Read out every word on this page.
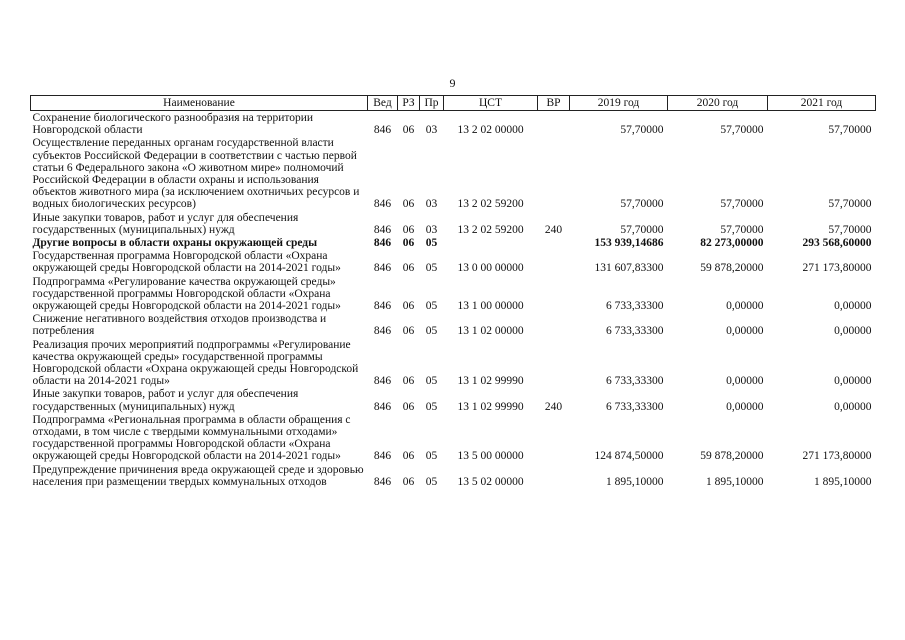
9
Наименование	Вед	РЗ	Пр	ЦСТ	ВР	2019 год	2020 год	2021 год
Сохранение биологического разнообразия на территории Новгородской области	846	06	03	13 2 02 00000		57,70000	57,70000	57,70000
Осуществление переданных органам государственной власти субъектов Российской Федерации в соответствии с частью первой статьи 6 Федерального закона «О животном мире» полномочий Российской Федерации в области охраны и использования объектов животного мира (за исключением охотничьих ресурсов и водных биологических ресурсов)	846	06	03	13 2 02 59200		57,70000	57,70000	57,70000
Иные закупки товаров, работ и услуг для обеспечения государственных (муниципальных) нужд	846	06	03	13 2 02 59200	240	57,70000	57,70000	57,70000
Другие вопросы в области охраны окружающей среды	846	06	05			153 939,14686	82 273,00000	293 568,60000
Государственная программа Новгородской области «Охрана окружающей среды Новгородской области на 2014-2021 годы»	846	06	05	13 0 00 00000		131 607,83300	59 878,20000	271 173,80000
Подпрограмма «Регулирование качества окружающей среды» государственной программы Новгородской области «Охрана окружающей среды Новгородской области на 2014-2021 годы»	846	06	05	13 1 00 00000		6 733,33300	0,00000	0,00000
Снижение негативного воздействия отходов производства и потребления	846	06	05	13 1 02 00000		6 733,33300	0,00000	0,00000
Реализация прочих мероприятий подпрограммы «Регулирование качества окружающей среды» государственной программы Новгородской области «Охрана окружающей среды Новгородской области на 2014-2021 годы»	846	06	05	13 1 02 99990		6 733,33300	0,00000	0,00000
Иные закупки товаров, работ и услуг для обеспечения государственных (муниципальных) нужд	846	06	05	13 1 02 99990	240	6 733,33300	0,00000	0,00000
Подпрограмма «Региональная программа в области обращения с отходами, в том числе с твердыми коммунальными отходами» государственной программы Новгородской области «Охрана окружающей среды Новгородской области на 2014-2021 годы»	846	06	05	13 5 00 00000		124 874,50000	59 878,20000	271 173,80000
Предупреждение причинения вреда окружающей среде и здоровью населения при размещении твердых коммунальных отходов	846	06	05	13 5 02 00000		1 895,10000	1 895,10000	1 895,10000
